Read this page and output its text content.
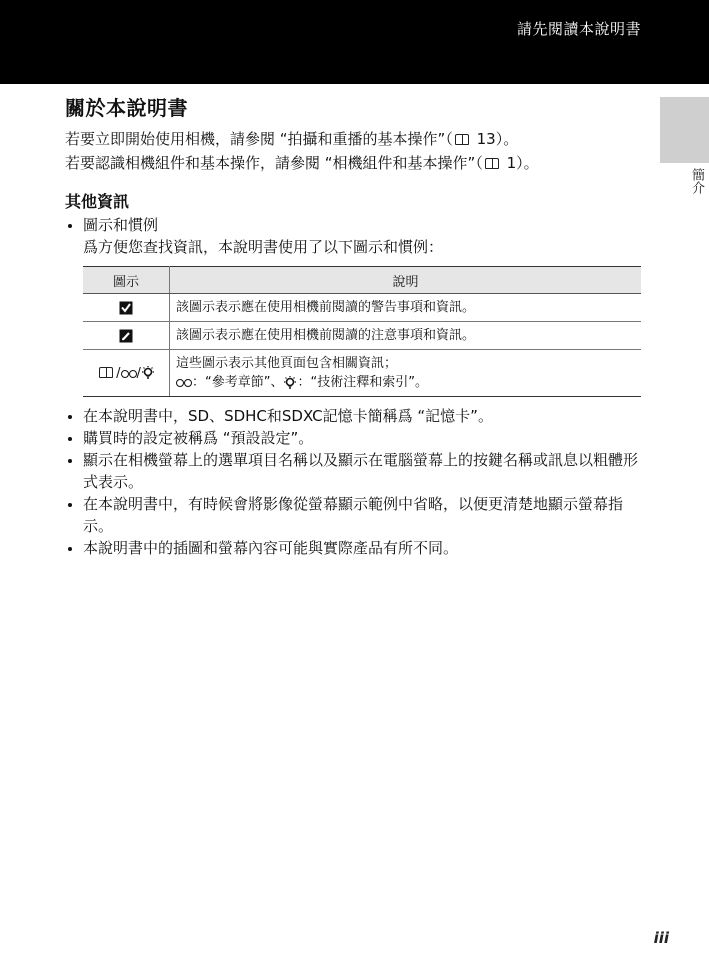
請先閱讀本說明書
簡介
關於本說明書

若要立即開始使用相機，請參閱 “拍攝和重播的基本操作”（ 13）。

若要認識相機組件和基本操作，請參閱 “相機組件和基本操作”（ 1）。

其他資訊
圖示和慣例
爲方便您查找資訊，本說明書使用了以下圖示和慣例：
圖示	說明
	該圖示表示應在使用相機前閱讀的警告事項和資訊。
	該圖示表示應在使用相機前閱讀的注意事項和資訊。
/ /	這些圖示表示其他頁面包含相關資訊；
：“參考章節”、 ：“技術注釋和索引”。
在本說明書中，SD、SDHC和SDXC記憶卡簡稱爲 “記憶卡”。
購買時的設定被稱爲 “預設設定”。
顯示在相機螢幕上的選單項目名稱以及顯示在電腦螢幕上的按鍵名稱或訊息以粗體形式表示。
在本說明書中，有時候會將影像從螢幕顯示範例中省略，以便更清楚地顯示螢幕指示。
本說明書中的插圖和螢幕內容可能與實際產品有所不同。
iii
